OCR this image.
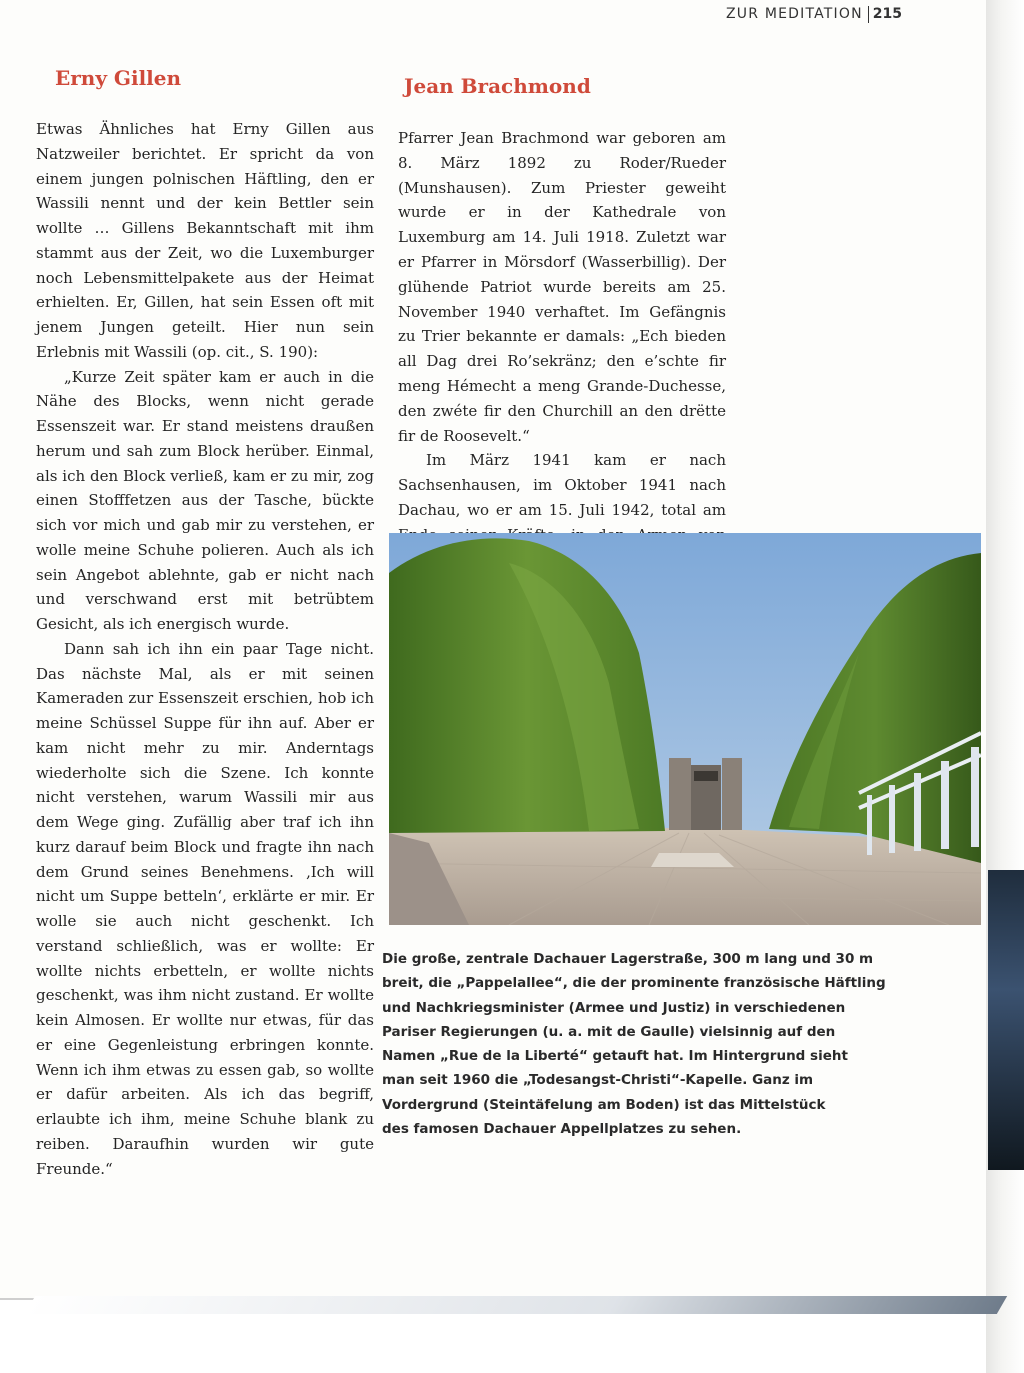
ZUR MEDITATION 215
Erny Gillen	Jean Brachmond

Etwas Ähnliches hat Erny Gillen aus Natzweiler berichtet. Er spricht da von einem jungen polnischen Häftling, den er Wassili nennt und der kein Bettler sein wollte … Gillens Bekanntschaft mit ihm stammt aus der Zeit, wo die Luxemburger noch Lebensmittelpakete aus der Heimat erhielten. Er, Gillen, hat sein Essen oft mit jenem Jungen geteilt. Hier nun sein Erlebnis mit Wassili (op. cit., S. 190):

„Kurze Zeit später kam er auch in die Nähe des Blocks, wenn nicht gerade Essenszeit war. Er stand meistens draußen herum und sah zum Block herüber. Einmal, als ich den Block verließ, kam er zu mir, zog einen Stofffetzen aus der Tasche, bückte sich vor mich und gab mir zu verstehen, er wolle meine Schuhe polieren. Auch als ich sein Angebot ablehnte, gab er nicht nach und verschwand erst mit betrübtem Gesicht, als ich energisch wurde.

Dann sah ich ihn ein paar Tage nicht. Das nächste Mal, als er mit seinen Kameraden zur Essenszeit erschien, hob ich meine Schüssel Suppe für ihn auf. Aber er kam nicht mehr zu mir. Anderntags wiederholte sich die Szene. Ich konnte nicht verstehen, warum Wassili mir aus dem Wege ging. Zufällig aber traf ich ihn kurz darauf beim Block und fragte ihn nach dem Grund seines Benehmens. ‚Ich will nicht um Suppe betteln‘, erklärte er mir. Er wolle sie auch nicht geschenkt. Ich verstand schließlich, was er wollte: Er wollte nichts erbetteln, er wollte nichts geschenkt, was ihm nicht zustand. Er wollte kein Almosen. Er wollte nur etwas, für das er eine Gegenleistung erbringen konnte. Wenn ich ihm etwas zu essen gab, so wollte er dafür arbeiten. Als ich das begriff, erlaubte ich ihm, meine Schuhe blank zu reiben. Daraufhin wurden wir gute Freunde.“

Pfarrer Jean Brachmond war geboren am 8. März 1892 zu Roder/Rueder (Munshausen). Zum Priester geweiht wurde er in der Kathedrale von Luxemburg am 14. Juli 1918. Zuletzt war er Pfarrer in Mörsdorf (Wasserbillig). Der glühende Patriot wurde bereits am 25. November 1940 verhaftet. Im Gefängnis zu Trier bekannte er damals: „Ech bieden all Dag drei Ro’sekränz; den e’schte fir meng Hémecht a meng Grande-Duchesse, den zwéte fir den Churchill an den drëtte fir de Roosevelt.“

Im März 1941 kam er nach Sachsenhausen, im Oktober 1941 nach Dachau, wo er am 15. Juli 1942, total am

Die große, zentrale Dachauer Lagerstraße, 300 m lang und 30 m
breit, die „Pappelallee“, die der prominente französische Häftling
und Nachkriegsminister (Armee und Justiz) in verschiedenen
Pariser Regierungen (u. a. mit de Gaulle) vielsinnig auf den
Namen „Rue de la Liberté“ getauft hat. Im Hintergrund sieht
man seit 1960 die „Todesangst-Christi“-Kapelle. Ganz im
Vordergrund (Steintäfelung am Boden) ist das Mittelstück
des famosen Dachauer Appellplatzes zu sehen.
